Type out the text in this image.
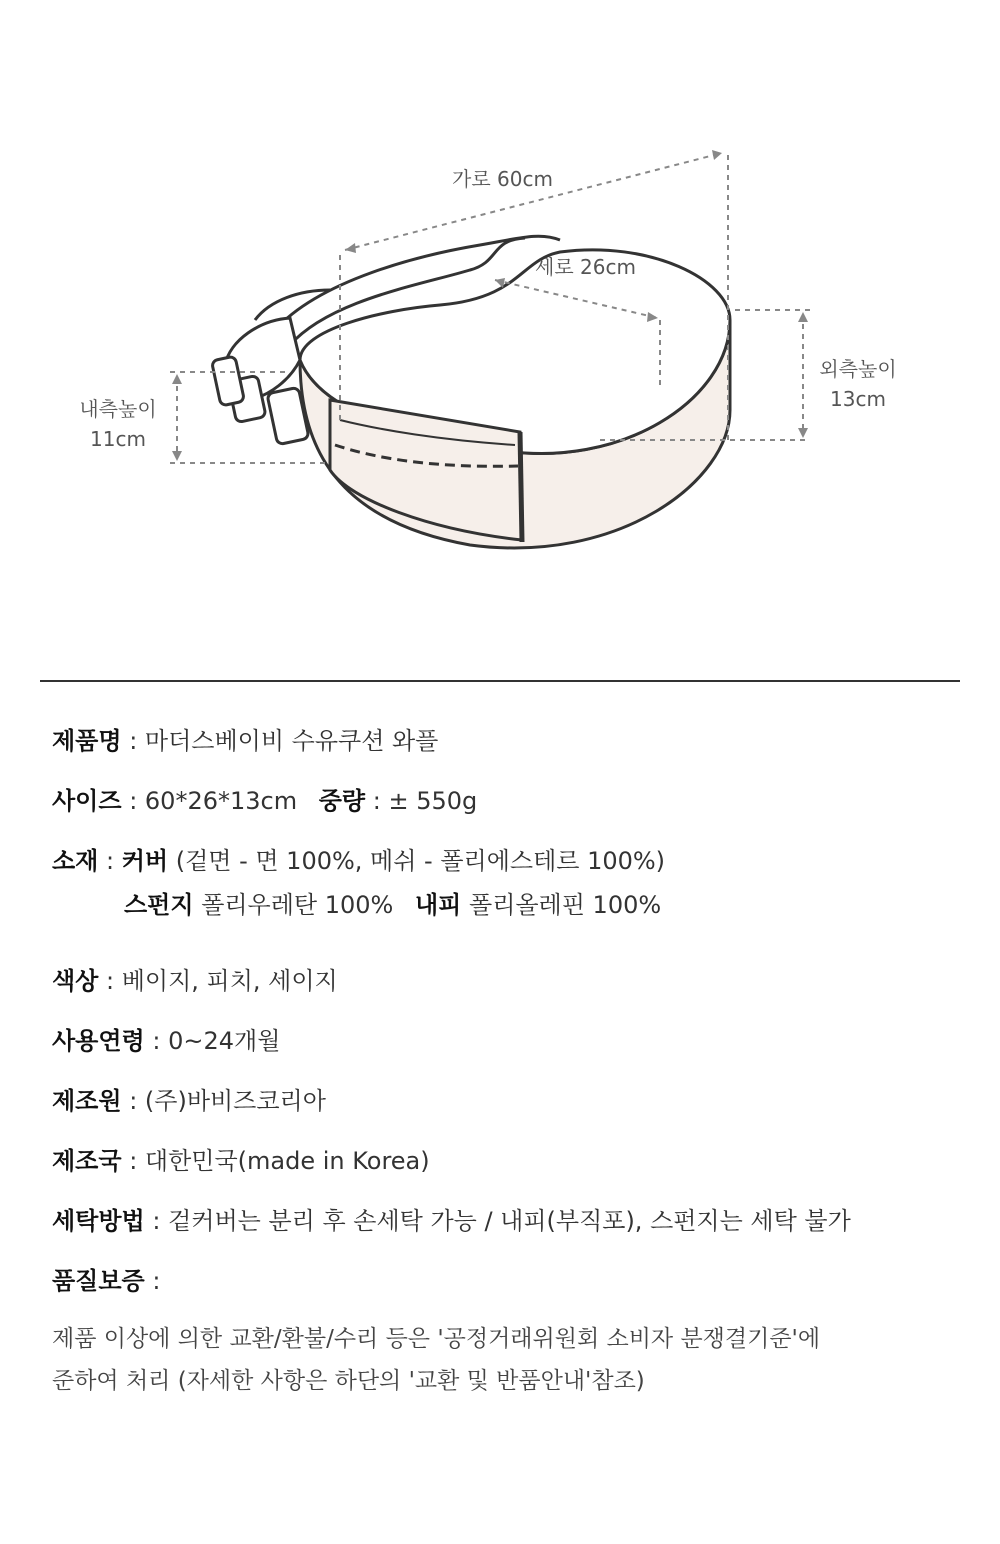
가로 60cm
세로 26cm
외측높이
13cm
내측높이
11cm
제품명 : 마더스베이비 수유쿠션 와플
사이즈 : 60*26*13cm 중량 : ± 550g
소재 : 커버 (겉면 - 면 100%, 메쉬 - 폴리에스테르 100%)
스펀지 폴리우레탄 100% 내피 폴리올레핀 100%
색상 : 베이지, 피치, 세이지
사용연령 : 0~24개월
제조원 : (주)바비즈코리아
제조국 : 대한민국(made in Korea)
세탁방법 : 겉커버는 분리 후 손세탁 가능 / 내피(부직포), 스펀지는 세탁 불가
품질보증 :
제품 이상에 의한 교환/환불/수리 등은 '공정거래위원회 소비자 분쟁결기준'에
준하여 처리 (자세한 사항은 하단의 '교환 및 반품안내'참조)
